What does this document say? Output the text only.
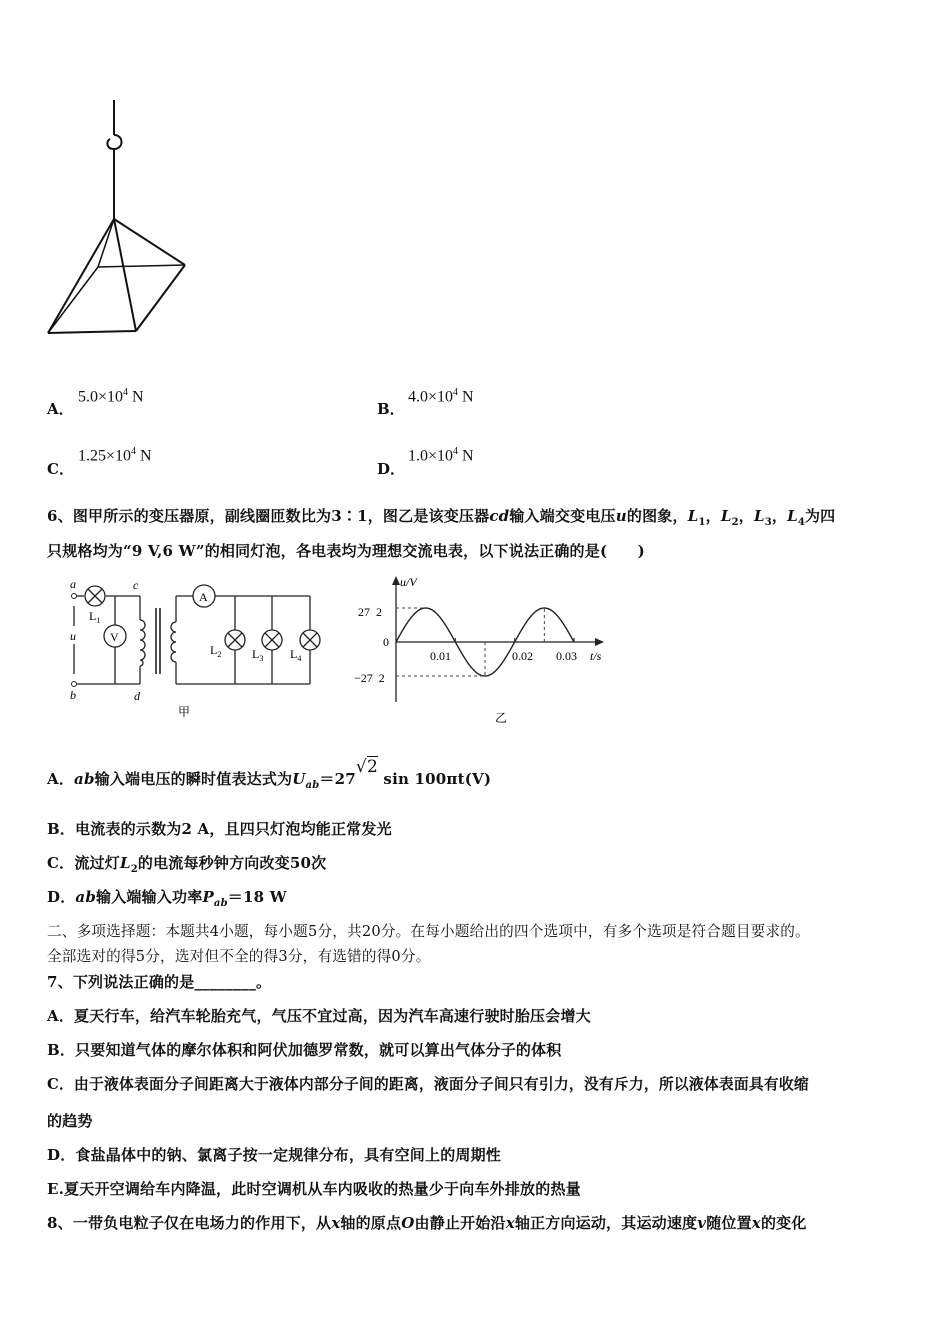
A．
$5.0\times 10^4$ N
B．
$4.0\times 10^4$ N
C．
$1.25\times 10^4$ N
D．
$1.0\times 10^4$ N
6、图甲所示的变压器原，副线圈匝数比为3∶1，图乙是该变压器cd输入端交变电压u的图象，$L_1$，$L_2$，$L_3$，$L_4$为四
只规格均为“9 V,6 W”的相同灯泡，各电表均为理想交流电表，以下说法正确的是(　　)
a
b
c
d
u
$L_1$
V
A
$L_2$	$L_3$ $L_4$
甲
u/V
t/s
27 2
0
−27 2
0.01	0.02 0.03
乙
A．ab输入端电压的瞬时值表达式为$U_{ab}=27√2$ sin 100πt(V)
B．电流表的示数为2 A，且四只灯泡均能正常发光
C．流过灯$L_2$的电流每秒钟方向改变50次
D．ab输入端输入功率$P_{ab}=18$ W
二、多项选择题：本题共4小题，每小题5分，共20分。在每小题给出的四个选项中，有多个选项是符合题目要求的。
全部选对的得5分，选对但不全的得3分，有选错的得0分。
7、下列说法正确的是________。
A．夏天行车，给汽车轮胎充气，气压不宜过高，因为汽车高速行驶时胎压会增大
B．只要知道气体的摩尔体积和阿伏加德罗常数，就可以算出气体分子的体积
C．由于液体表面分子间距离大于液体内部分子间的距离，液面分子间只有引力，没有斥力，所以液体表面具有收缩
的趋势
D．食盐晶体中的钠、氯离子按一定规律分布，具有空间上的周期性
E.夏天开空调给车内降温，此时空调机从车内吸收的热量少于向车外排放的热量
8、一带负电粒子仅在电场力的作用下，从x轴的原点O由静止开始沿x轴正方向运动，其运动速度v随位置x的变化
